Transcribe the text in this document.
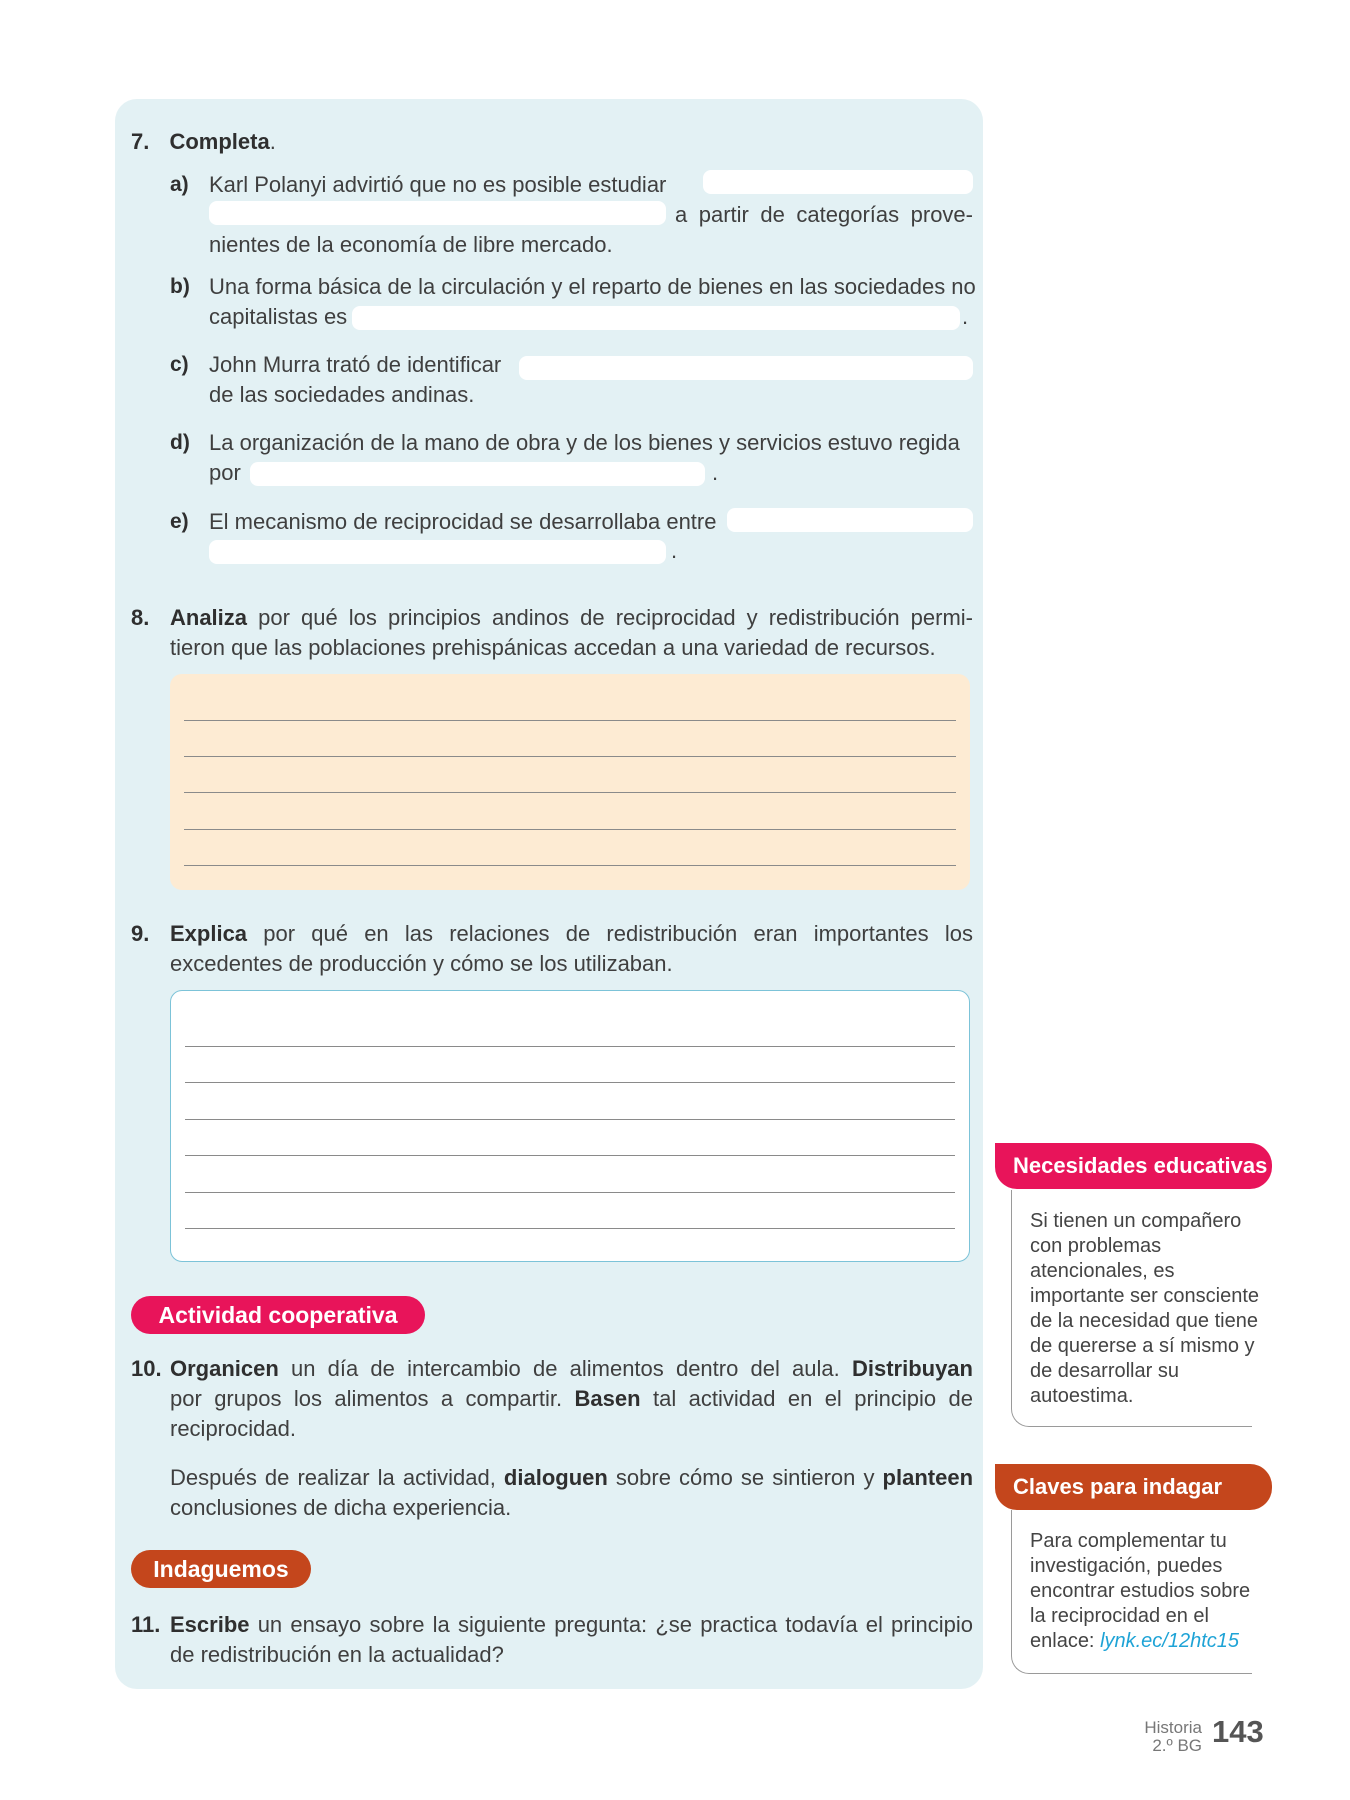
7. Completa.
a) Karl Polanyi advirtió que no es posible estudiar
a partir de categorías prove-
nientes de la economía de libre mercado.
b) Una forma básica de la circulación y el reparto de bienes en las sociedades no
capitalistas es	.
c) John Murra trató de identificar
de las sociedades andinas.
d) La organización de la mano de obra y de los bienes y servicios estuvo regida
por	.
e) El mecanismo de reciprocidad se desarrollaba entre
.
8. Analiza por qué los principios andinos de reciprocidad y redistribución permi-
tieron que las poblaciones prehispánicas accedan a una variedad de recursos.
9. Explica por qué en las relaciones de redistribución eran importantes los
excedentes de producción y cómo se los utilizaban.
Actividad cooperativa
10. Organicen un día de intercambio de alimentos dentro del aula. Distribuyan
por grupos los alimentos a compartir. Basen tal actividad en el principio de
reciprocidad.
Después de realizar la actividad, dialoguen sobre cómo se sintieron y planteen
conclusiones de dicha experiencia.
Indaguemos
11. Escribe un ensayo sobre la siguiente pregunta: ¿se practica todavía el principio
de redistribución en la actualidad?
Necesidades educativas
Si tienen un compañero
con problemas
atencionales, es
importante ser consciente
de la necesidad que tiene
de quererse a sí mismo y
de desarrollar su
autoestima.
Claves para indagar
Para complementar tu
investigación, puedes
encontrar estudios sobre
la reciprocidad en el
enlace: lynk.ec/12htc15
Historia
2.º BG 143
